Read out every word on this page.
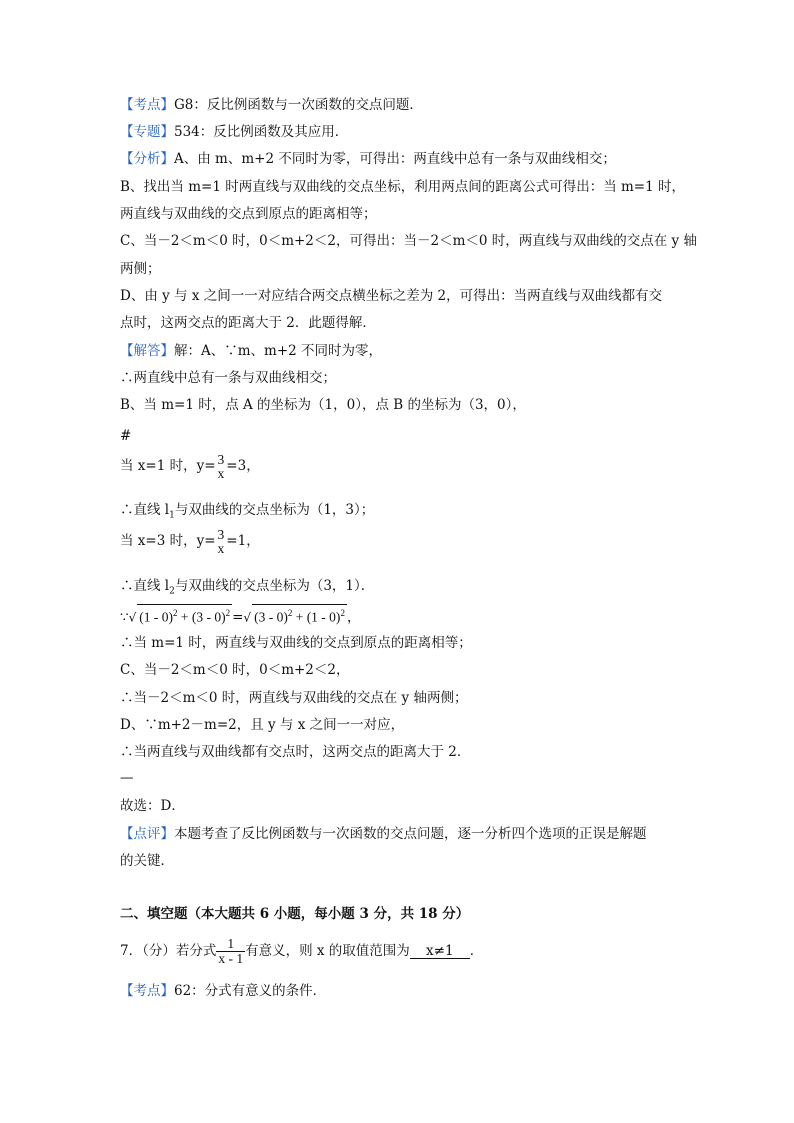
【考点】G8：反比例函数与一次函数的交点问题．
【专题】534：反比例函数及其应用．
【分析】A、由 m、m+2 不同时为零，可得出：两直线中总有一条与双曲线相交；
B、找出当 m=1 时两直线与双曲线的交点坐标，利用两点间的距离公式可得出：当 m=1 时，
两直线与双曲线的交点到原点的距离相等；
C、当－2＜m＜0 时，0＜m+2＜2，可得出：当－2＜m＜0 时，两直线与双曲线的交点在 y 轴
两侧；
D、由 y 与 x 之间一一对应结合两交点横坐标之差为 2，可得出：当两直线与双曲线都有交
点时，这两交点的距离大于 2．此题得解．
【解答】解：A、∵m、m+2 不同时为零，
∴两直线中总有一条与双曲线相交；
B、当 m=1 时，点 A 的坐标为（1，0），点 B 的坐标为（3，0），
#
当 x=1 时，y= 3
x =3，
∴直线 $l_1$与双曲线的交点坐标为（1，3）；
当 x=3 时，y= 3
x =1，
∴直线 $l_2$与双曲线的交点坐标为（3，1）．
∵√ (1 - 0)$^2$ + (3 - 0)$^2$ =√ (3 - 0)$^2$ + (1 - 0)$^2$ ，
∴当 m=1 时，两直线与双曲线的交点到原点的距离相等；
C、当－2＜m＜0 时，0＜m+2＜2，
∴当－2＜m＜0 时，两直线与双曲线的交点在 y 轴两侧；
D、∵m+2－m=2，且 y 与 x 之间一一对应，
∴当两直线与双曲线都有交点时，这两交点的距离大于 2．
—
故选：D．
【点评】本题考查了反比例函数与一次函数的交点问题，逐一分析四个选项的正误是解题
的关键．
二、填空题（本大题共 6 小题，每小题 3 分，共 18 分）
7．（分）若分式 $\frac{1}{x - 1}$ 有意义，则 x 的取值范围为 x≠1 ．
【考点】62：分式有意义的条件．
